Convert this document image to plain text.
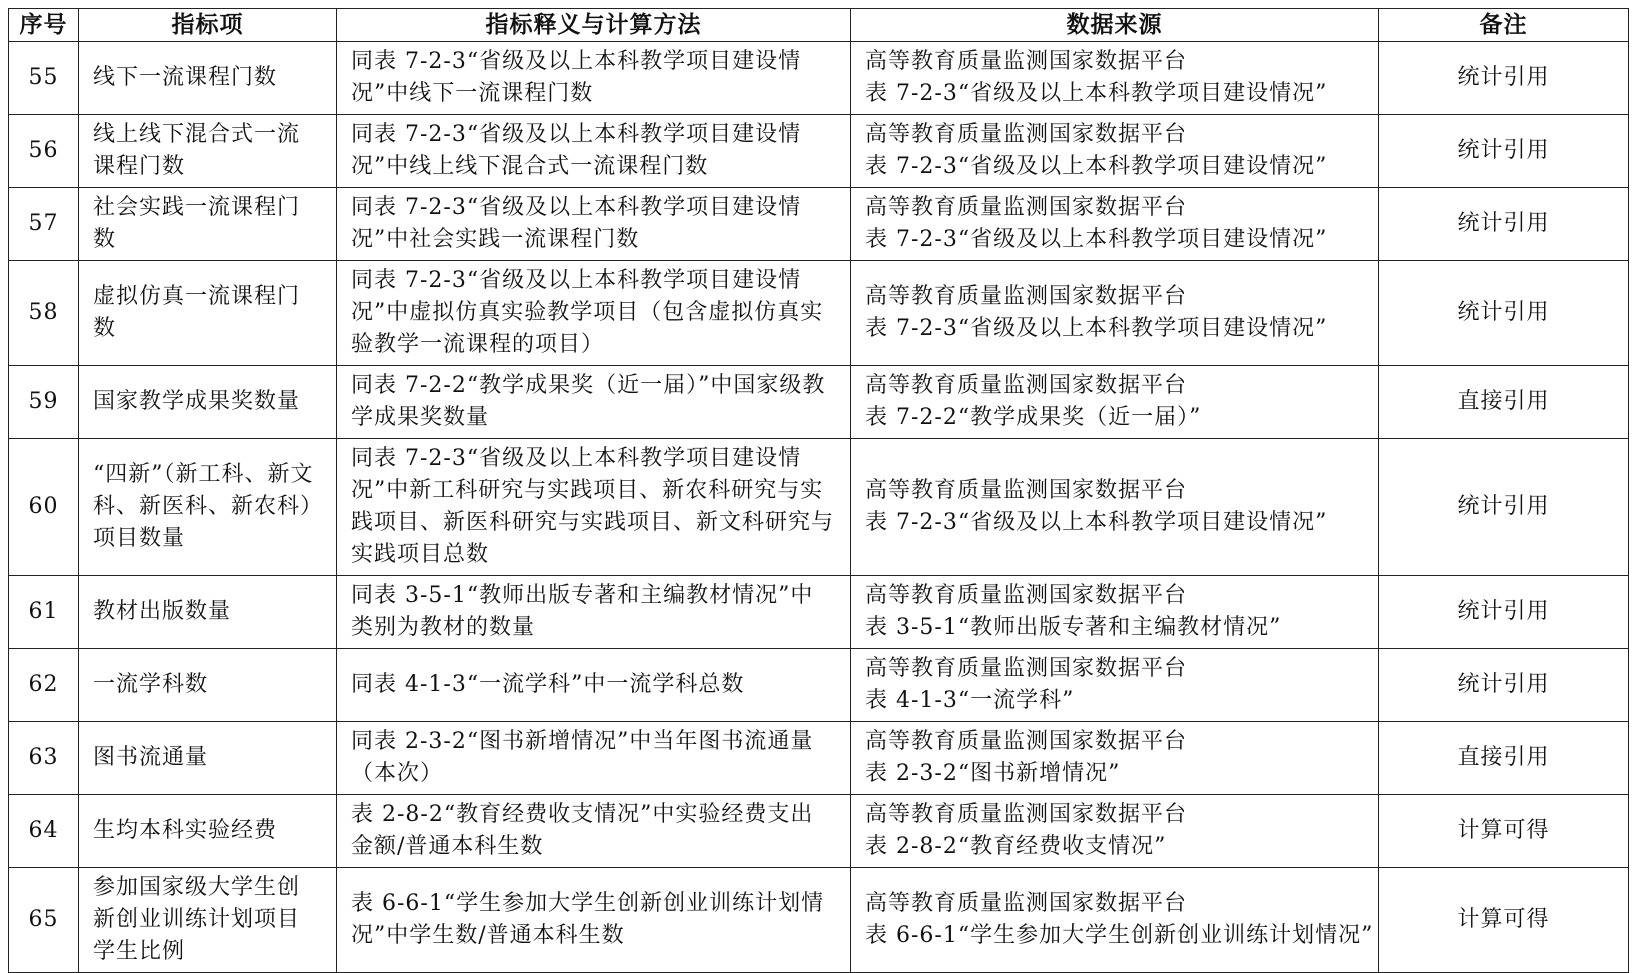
序号	指标项	指标释义与计算方法	数据来源	备注
55	线下一流课程门数	同表 7-2-3“省级及以上本科教学项目建设情况”中线下一流课程门数	高等教育质量监测国家数据平台
表 7-2-3“省级及以上本科教学项目建设情况”	统计引用
56	线上线下混合式一流课程门数	同表 7-2-3“省级及以上本科教学项目建设情况”中线上线下混合式一流课程门数	高等教育质量监测国家数据平台
表 7-2-3“省级及以上本科教学项目建设情况”	统计引用
57	社会实践一流课程门数	同表 7-2-3“省级及以上本科教学项目建设情况”中社会实践一流课程门数	高等教育质量监测国家数据平台
表 7-2-3“省级及以上本科教学项目建设情况”	统计引用
58	虚拟仿真一流课程门数	同表 7-2-3“省级及以上本科教学项目建设情况”中虚拟仿真实验教学项目（包含虚拟仿真实验教学一流课程的项目）	高等教育质量监测国家数据平台
表 7-2-3“省级及以上本科教学项目建设情况”	统计引用
59	国家教学成果奖数量	同表 7-2-2“教学成果奖（近一届）”中国家级教学成果奖数量	高等教育质量监测国家数据平台
表 7-2-2“教学成果奖（近一届）”	直接引用
60	“四新”（新工科、新文科、新医科、新农科）项目数量	同表 7-2-3“省级及以上本科教学项目建设情况”中新工科研究与实践项目、新农科研究与实践项目、新医科研究与实践项目、新文科研究与实践项目总数	高等教育质量监测国家数据平台
表 7-2-3“省级及以上本科教学项目建设情况”	统计引用
61	教材出版数量	同表 3-5-1“教师出版专著和主编教材情况”中类别为教材的数量	高等教育质量监测国家数据平台
表 3-5-1“教师出版专著和主编教材情况”	统计引用
62	一流学科数	同表 4-1-3“一流学科”中一流学科总数	高等教育质量监测国家数据平台
表 4-1-3“一流学科”	统计引用
63	图书流通量	同表 2-3-2“图书新增情况”中当年图书流通量（本次）	高等教育质量监测国家数据平台
表 2-3-2“图书新增情况”	直接引用
64	生均本科实验经费	表 2-8-2“教育经费收支情况”中实验经费支出金额/普通本科生数	高等教育质量监测国家数据平台
表 2-8-2“教育经费收支情况”	计算可得
65	参加国家级大学生创新创业训练计划项目学生比例	表 6-6-1“学生参加大学生创新创业训练计划情况”中学生数/普通本科生数	高等教育质量监测国家数据平台
表 6-6-1“学生参加大学生创新创业训练计划情况”	计算可得
